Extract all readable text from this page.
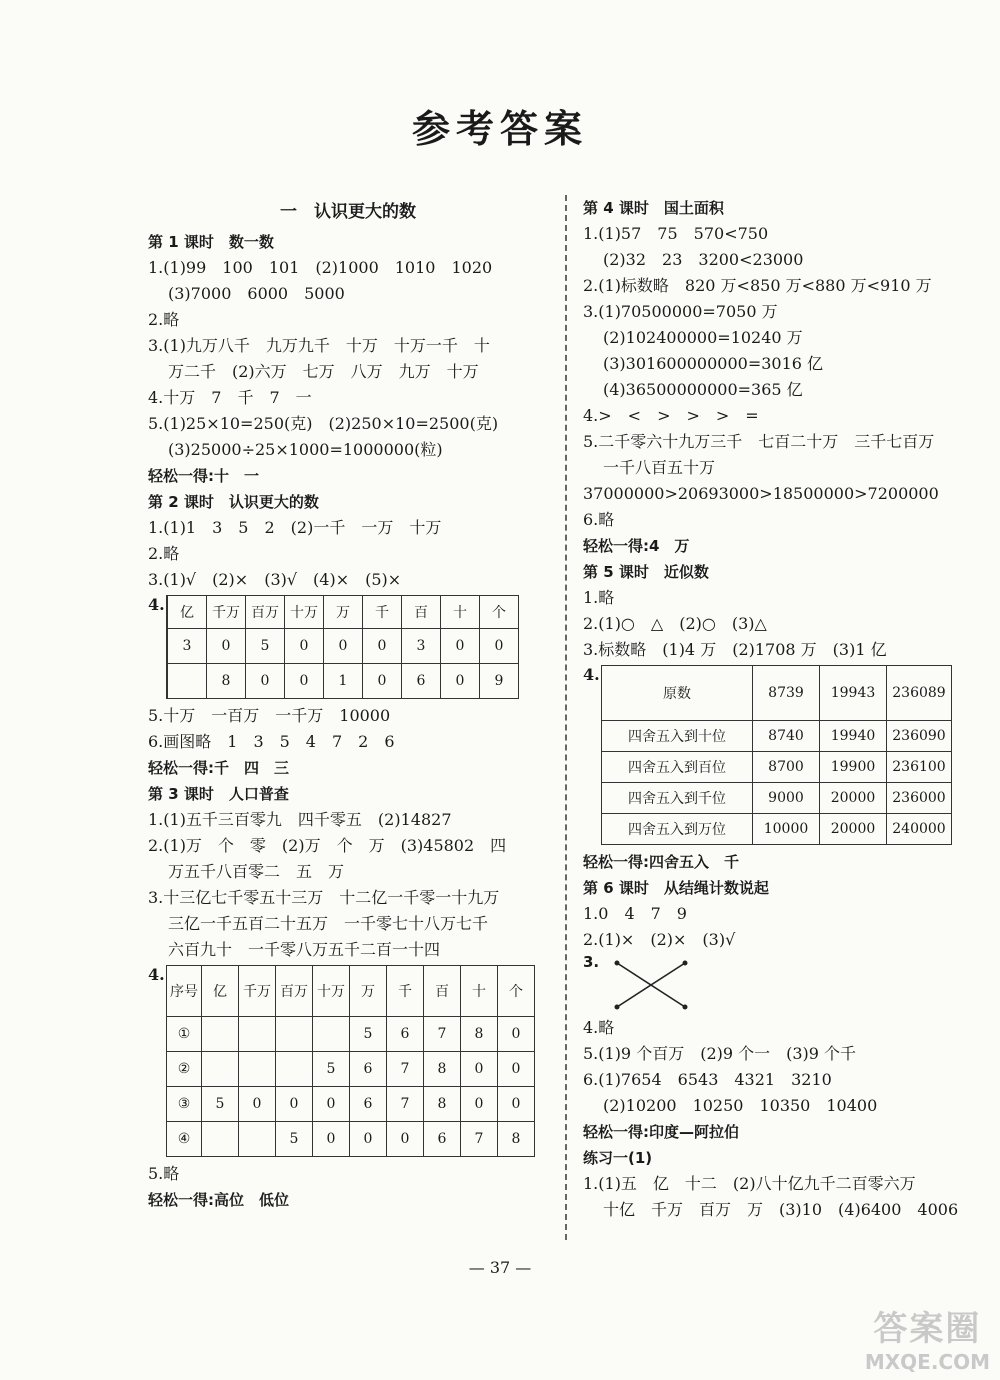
参考答案
一　认识更大的数
第 1 课时　数一数
1.(1)99　100　101　(2)1000　1010　1020
(3)7000　6000　5000
2.略
3.(1)九万八千　九万九千　十万　十万一千　十
万二千　(2)六万　七万　八万　九万　十万
4.十万　7　千　7　一
5.(1)25×10=250(克)　(2)250×10=2500(克)
(3)25000÷25×1000=1000000(粒)
轻松一得:十　一
第 2 课时　认识更大的数
1.(1)1　3　5　2　(2)一千　一万　十万
2.略
3.(1)√　(2)×　(3)√　(4)×　(5)×
4.
	亿	千万	百万	十万	万	千	百	十	个
	3	0	5	0	0	0	3	0	0
		8	0	0	1	0	6	0	9
5.十万　一百万　一千万　10000
6.画图略　1　3　5　4　7　2　6
轻松一得:千　四　三
第 3 课时　人口普查
1.(1)五千三百零九　四千零五　(2)14827
2.(1)万　个　零　(2)万　个　万　(3)45802　四
万五千八百零二　五　万
3.十三亿七千零五十三万　十二亿一千零一十九万
三亿一千五百二十五万　一千零七十八万七千
六百九十　一千零八万五千二百一十四
4.
序号	亿	千万	百万	十万	万	千	百	十	个
①					5	6	7	8	0
②				5	6	7	8	0	0
③	5	0	0	0	6	7	8	0	0
④			5	0	0	0	6	7	8
5.略
轻松一得:高位　低位
第 4 课时　国土面积
1.(1)57　75　570<750
(2)32　23　3200<23000
2.(1)标数略　820 万<850 万<880 万<910 万
3.(1)70500000=7050 万
(2)102400000=10240 万
(3)301600000000=3016 亿
(4)36500000000=365 亿
4.>　<　>　>　>　=
5.二千零六十九万三千　七百二十万　三千七百万
一千八百五十万
37000000>20693000>18500000>7200000
6.略
轻松一得:4　万
第 5 课时　近似数
1.略
2.(1)○　△　(2)○　(3)△
3.标数略　(1)4 万　(2)1708 万　(3)1 亿
4.
原数	8739	19943	236089
四舍五入到十位	8740	19940	236090
四舍五入到百位	8700	19900	236100
四舍五入到千位	9000	20000	236000
四舍五入到万位	10000	20000	240000
轻松一得:四舍五入　千
第 6 课时　从结绳计数说起
1.0　4　7　9
2.(1)×　(2)×　(3)√
3.
4.略
5.(1)9 个百万　(2)9 个一　(3)9 个千
6.(1)7654　6543　4321　3210
(2)10200　10250　10350　10400
轻松一得:印度—阿拉伯
练习一(1)
1.(1)五　亿　十二　(2)八十亿九千二百零六万
十亿　千万　百万　万　(3)10　(4)6400　4006
— 37 —
答案圈
MXQE.COM
